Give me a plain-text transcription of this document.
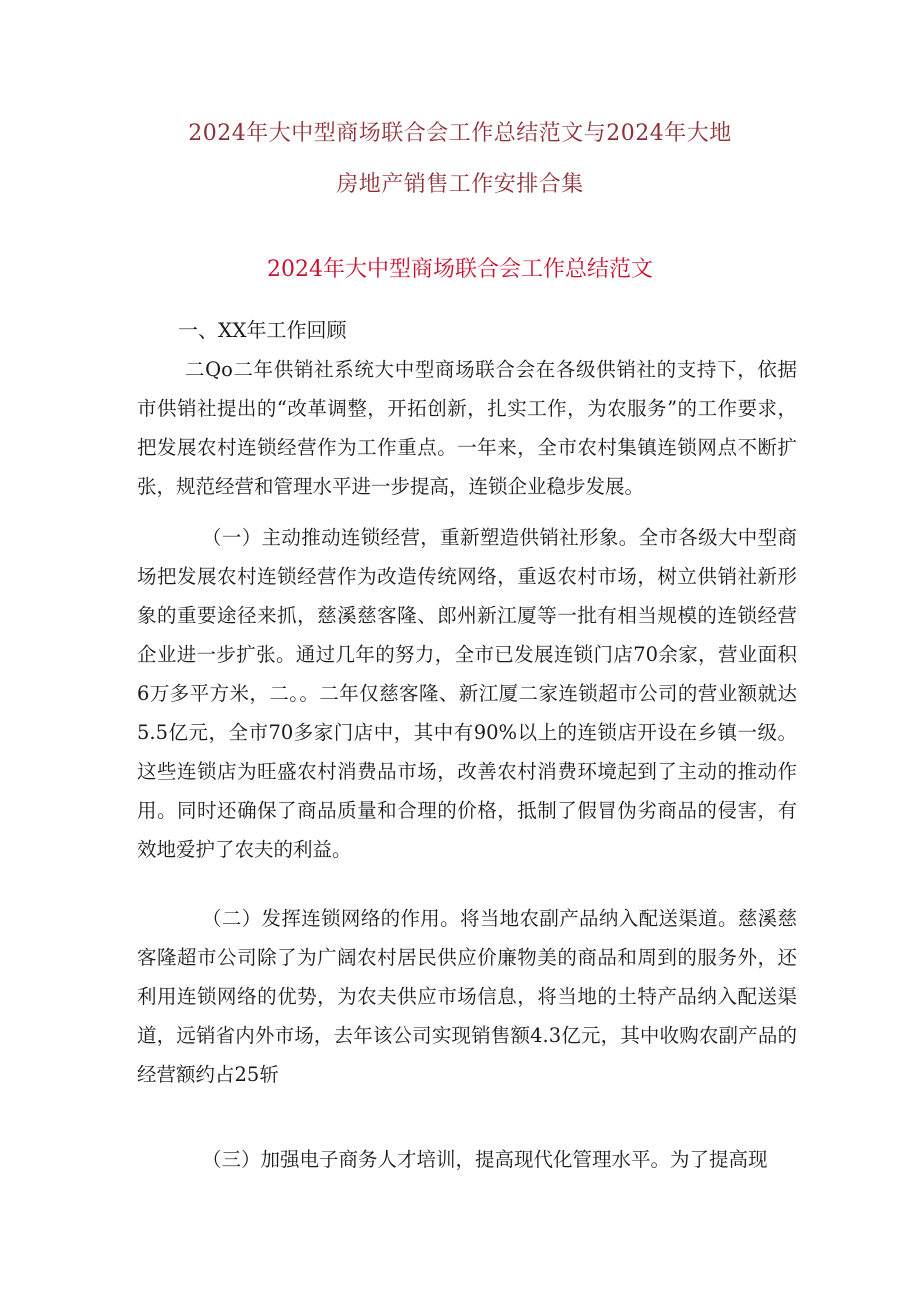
2024年大中型商场联合会工作总结范文与2024年大地
房地产销售工作安排合集
2024年大中型商场联合会工作总结范文
一、XX年工作回顾

二Qo二年供销社系统大中型商场联合会在各级供销社的支持下，依据市供销社提出的“改革调整，开拓创新，扎实工作，为农服务”的工作要求，把发展农村连锁经营作为工作重点。一年来，全市农村集镇连锁网点不断扩张，规范经营和管理水平进一步提高，连锁企业稳步发展。

（一）主动推动连锁经营，重新塑造供销社形象。全市各级大中型商场把发展农村连锁经营作为改造传统网络，重返农村市场，树立供销社新形象的重要途径来抓，慈溪慈客隆、郎州新江厦等一批有相当规模的连锁经营企业进一步扩张。通过几年的努力，全市已发展连锁门店70余家，营业面积6万多平方米，二。。二年仅慈客隆、新江厦二家连锁超市公司的营业额就达5.5亿元，全市70多家门店中，其中有90%以上的连锁店开设在乡镇一级。这些连锁店为旺盛农村消费品市场，改善农村消费环境起到了主动的推动作用。同时还确保了商品质量和合理的价格，抵制了假冒伪劣商品的侵害，有效地爱护了农夫的利益。

（二）发挥连锁网络的作用。将当地农副产品纳入配送渠道。慈溪慈客隆超市公司除了为广阔农村居民供应价廉物美的商品和周到的服务外，还利用连锁网络的优势，为农夫供应市场信息，将当地的土特产品纳入配送渠道，远销省内外市场，去年该公司实现销售额4.3亿元，其中收购农副产品的经营额约占25斩

（三）加强电子商务人才培训，提高现代化管理水平。为了提高现
